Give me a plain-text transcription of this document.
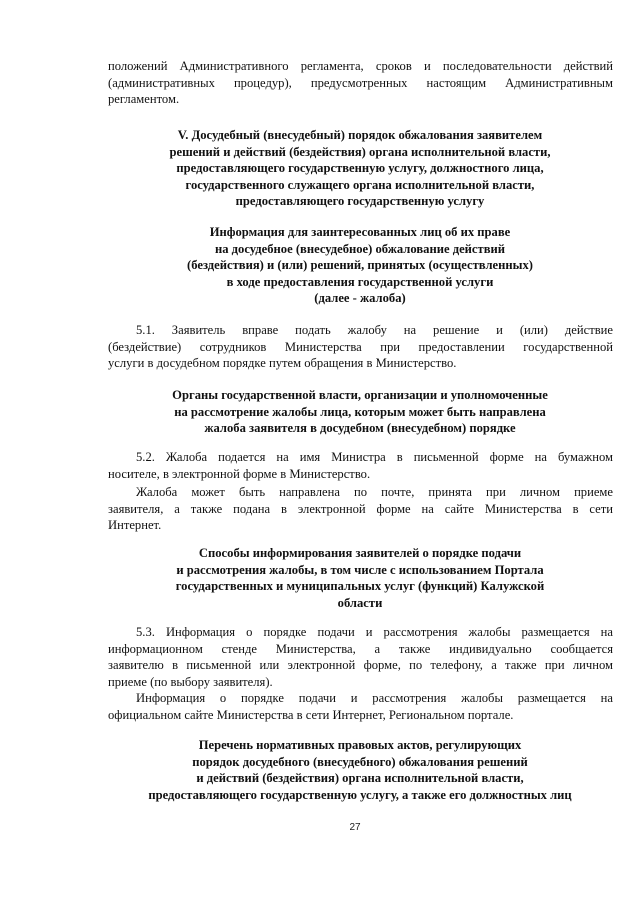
положений Административного регламента, сроков и последовательности действий
(административных процедур), предусмотренных настоящим Административным
регламентом.
V. Досудебный (внесудебный) порядок обжалования заявителем
решений и действий (бездействия) органа исполнительной власти,
предоставляющего государственную услугу, должностного лица,
государственного служащего органа исполнительной власти,
предоставляющего государственную услугу
Информация для заинтересованных лиц об их праве
на досудебное (внесудебное) обжалование действий
(бездействия) и (или) решений, принятых (осуществленных)
в ходе предоставления государственной услуги
(далее - жалоба)
5.1. Заявитель вправе подать жалобу на решение и (или) действие
(бездействие) сотрудников Министерства при предоставлении государственной
услуги в досудебном порядке путем обращения в Министерство.
Органы государственной власти, организации и уполномоченные
на рассмотрение жалобы лица, которым может быть направлена
жалоба заявителя в досудебном (внесудебном) порядке
5.2. Жалоба подается на имя Министра в письменной форме на бумажном
носителе, в электронной форме в Министерство.
Жалоба может быть направлена по почте, принята при личном приеме
заявителя, а также подана в электронной форме на сайте Министерства в сети
Интернет.
Способы информирования заявителей о порядке подачи
и рассмотрения жалобы, в том числе с использованием Портала
государственных и муниципальных услуг (функций) Калужской
области
5.3. Информация о порядке подачи и рассмотрения жалобы размещается на
информационном стенде Министерства, а также индивидуально сообщается
заявителю в письменной или электронной форме, по телефону, а также при личном
приеме (по выбору заявителя).
Информация о порядке подачи и рассмотрения жалобы размещается на
официальном сайте Министерства в сети Интернет, Региональном портале.
Перечень нормативных правовых актов, регулирующих
порядок досудебного (внесудебного) обжалования решений
и действий (бездействия) органа исполнительной власти,
предоставляющего государственную услугу, а также его должностных лиц
27
